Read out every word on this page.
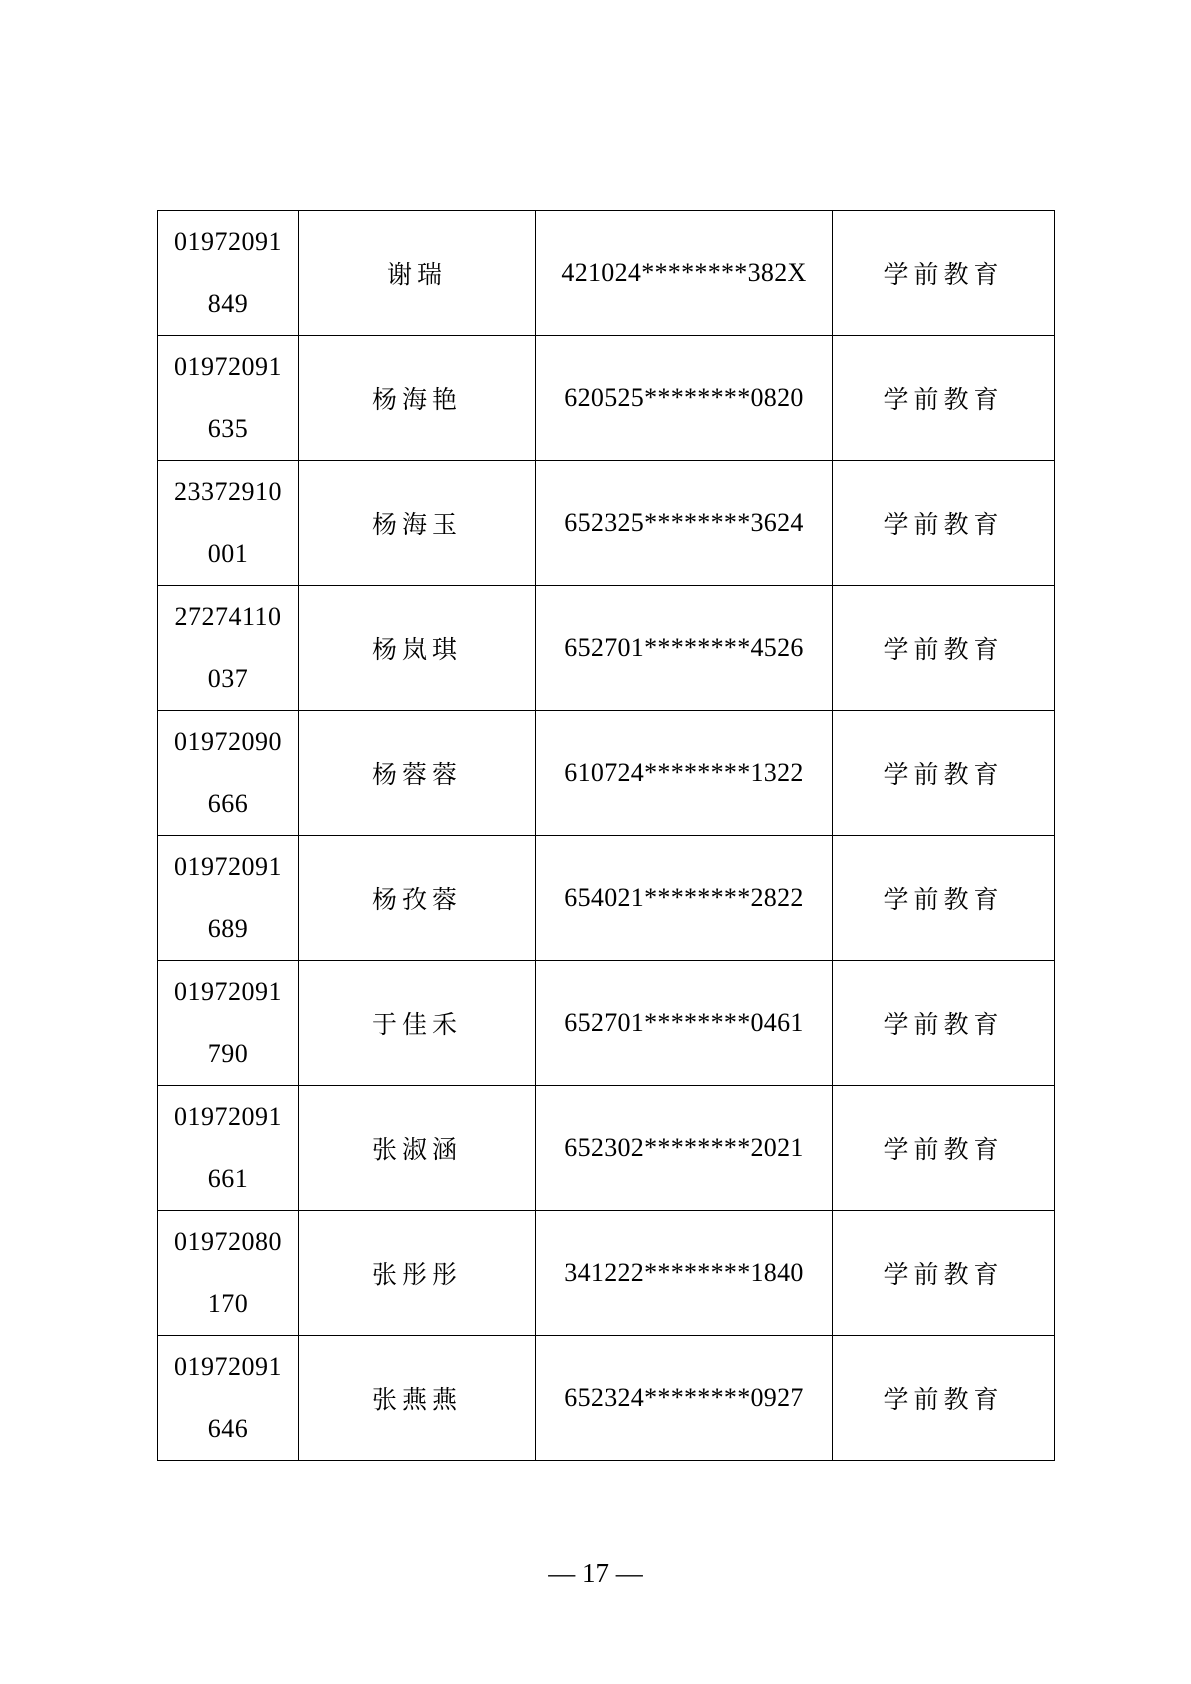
01972091849	谢瑞	421024********382X	学前教育
01972091635	杨海艳	620525********0820	学前教育
23372910001	杨海玉	652325********3624	学前教育
27274110037	杨岚琪	652701********4526	学前教育
01972090666	杨蓉蓉	610724********1322	学前教育
01972091689	杨孜蓉	654021********2822	学前教育
01972091790	于佳禾	652701********0461	学前教育
01972091661	张淑涵	652302********2021	学前教育
01972080170	张彤彤	341222********1840	学前教育
01972091646	张燕燕	652324********0927	学前教育
— 17 —
